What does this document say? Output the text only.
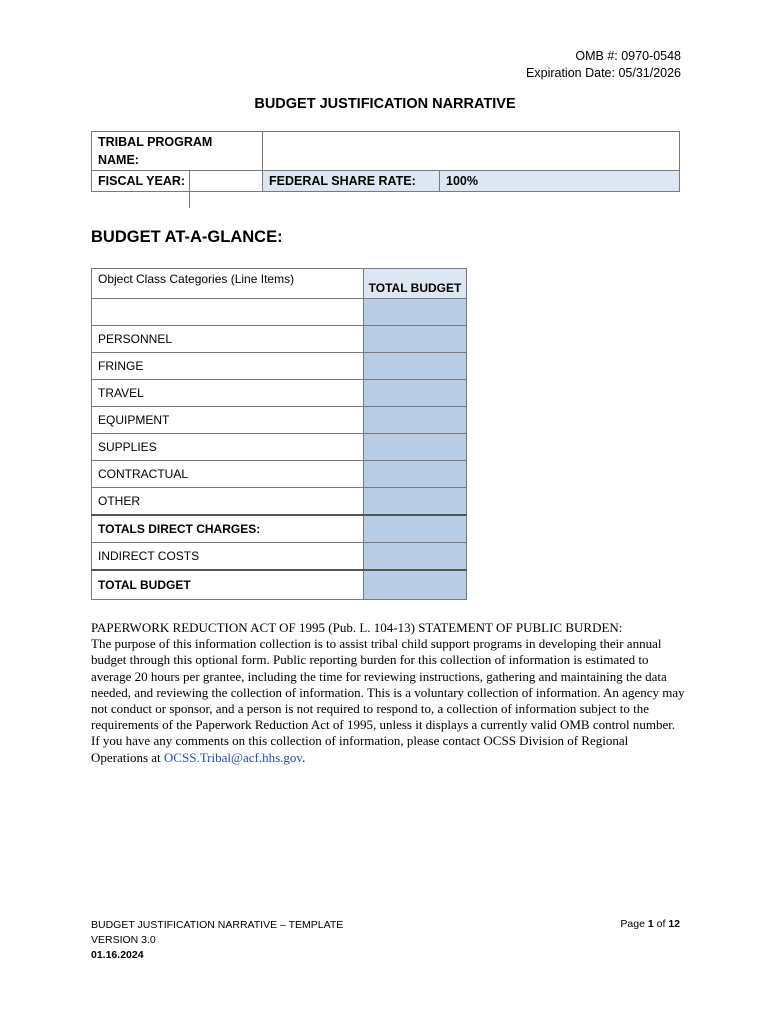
OMB #: 0970-0548
Expiration Date: 05/31/2026
BUDGET JUSTIFICATION NARRATIVE
TRIBAL PROGRAM NAME:		
FISCAL YEAR:	FEDERAL SHARE RATE:	100%
BUDGET AT-A-GLANCE:
Object Class Categories (Line Items)	TOTAL BUDGET

PERSONNEL	
FRINGE	
TRAVEL	
EQUIPMENT	
SUPPLIES	
CONTRACTUAL	
OTHER	
TOTALS DIRECT CHARGES:	
INDIRECT COSTS	
TOTAL BUDGET	
PAPERWORK REDUCTION ACT OF 1995 (Pub. L. 104-13) STATEMENT OF PUBLIC BURDEN:
The purpose of this information collection is to assist tribal child support programs in developing their annual budget through this optional form. Public reporting burden for this collection of information is estimated to average 20 hours per grantee, including the time for reviewing instructions, gathering and maintaining the data needed, and reviewing the collection of information. This is a voluntary collection of information. An agency may not conduct or sponsor, and a person is not required to respond to, a collection of information subject to the requirements of the Paperwork Reduction Act of 1995, unless it displays a currently valid OMB control number. If you have any comments on this collection of information, please contact OCSS Division of Regional Operations at OCSS.Tribal@acf.hhs.gov.
BUDGET JUSTIFICATION NARRATIVE – TEMPLATE
VERSION 3.0
01.16.2024
Page 1 of 12
